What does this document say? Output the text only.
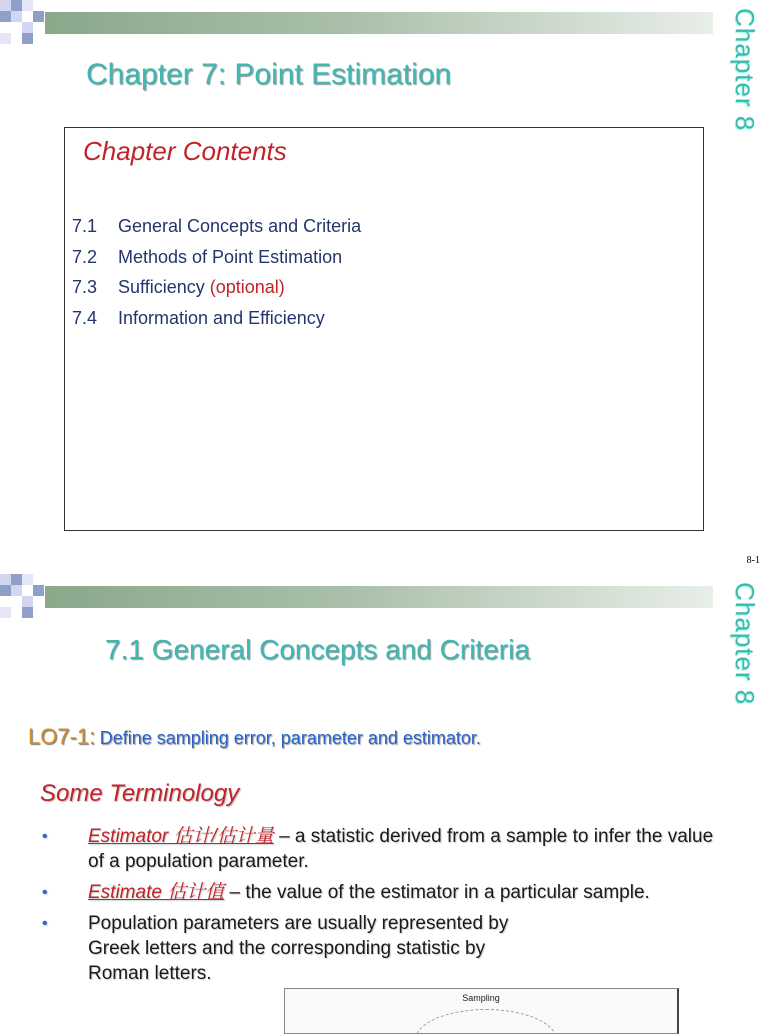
Chapter 8
Chapter 7: Point Estimation
Chapter Contents
7.1 General Concepts and Criteria
7.2 Methods of Point Estimation
7.3 Sufficiency (optional)
7.4 Information and Efficiency
8-1
Chapter 8
7.1 General Concepts and Criteria
LO7-1: Define sampling error, parameter and estimator.
Some Terminology
• Estimator 估计/估计量 – a statistic derived from a sample to infer the value of a population parameter.
• Estimate 估计值 – the value of the estimator in a particular sample.
• Population parameters are usually represented by Greek letters and the corresponding statistic by Roman letters.
Sampling
